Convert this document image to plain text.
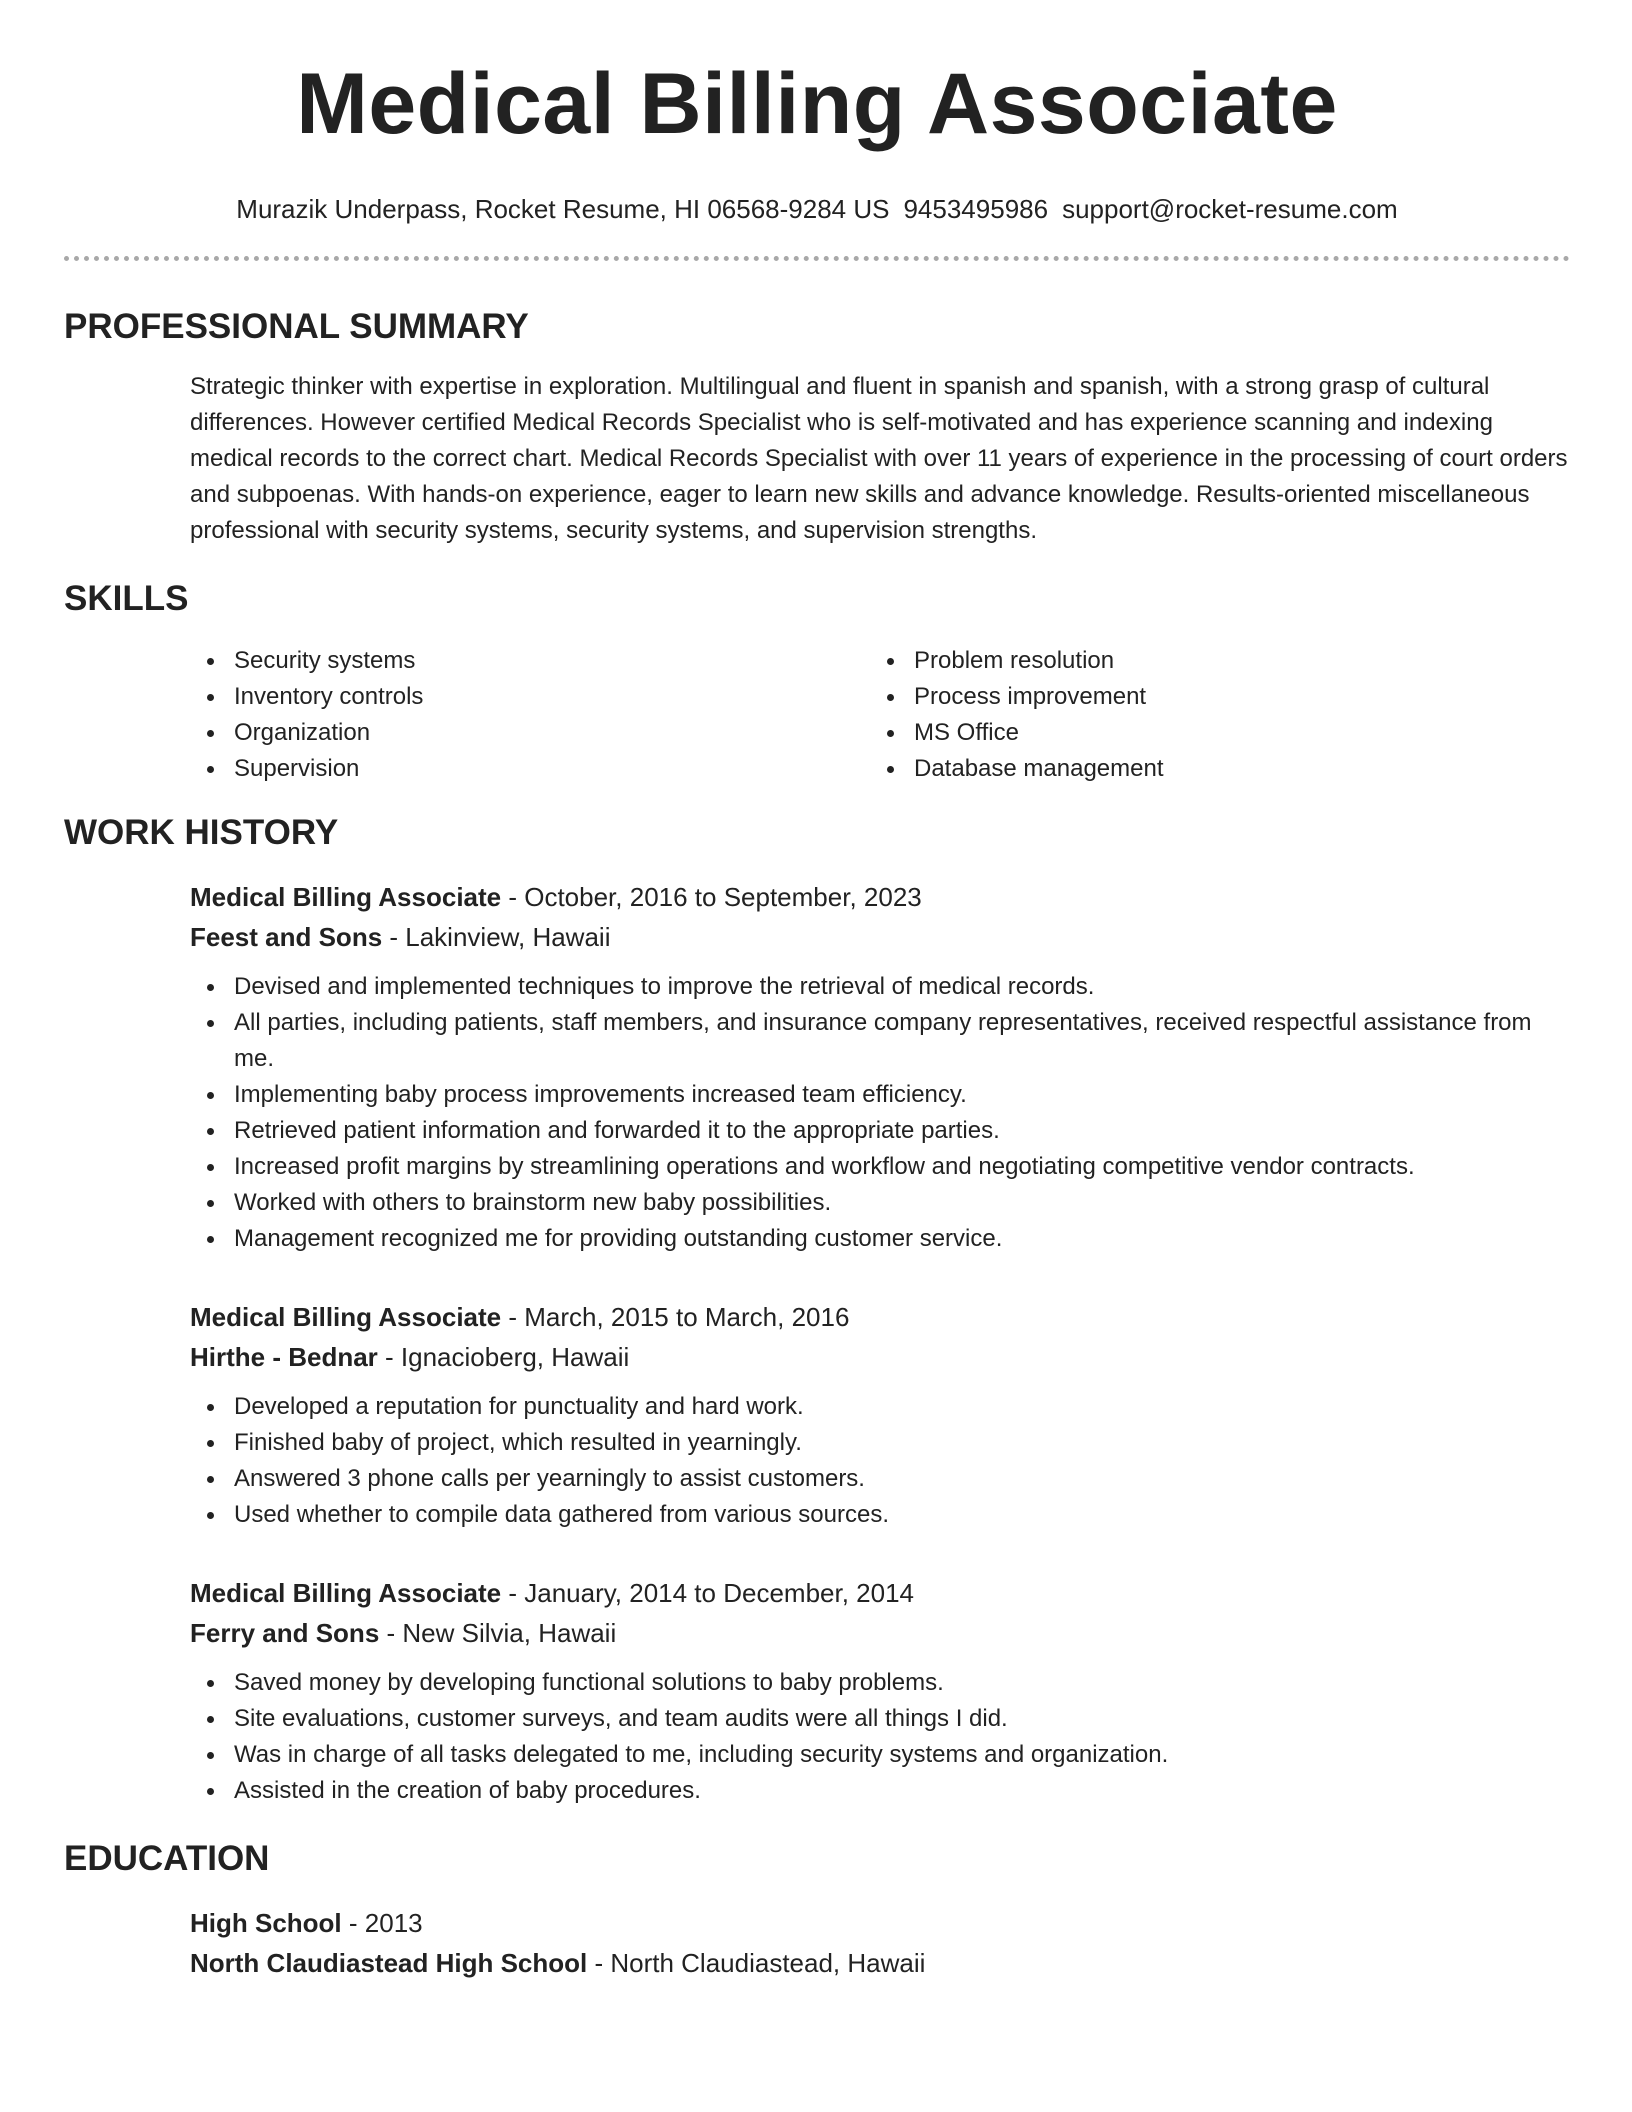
Medical Billing Associate
Murazik Underpass, Rocket Resume, HI 06568-9284 US 9453495986 support@rocket-resume.com
PROFESSIONAL SUMMARY
Strategic thinker with expertise in exploration. Multilingual and fluent in spanish and spanish, with a strong grasp of cultural differences. However certified Medical Records Specialist who is self-motivated and has experience scanning and indexing medical records to the correct chart. Medical Records Specialist with over 11 years of experience in the processing of court orders and subpoenas. With hands-on experience, eager to learn new skills and advance knowledge. Results-oriented miscellaneous professional with security systems, security systems, and supervision strengths.
SKILLS
Security systems
Inventory controls
Organization
Supervision
Problem resolution
Process improvement
MS Office
Database management
WORK HISTORY
Medical Billing Associate - October, 2016 to September, 2023
Feest and Sons - Lakinview, Hawaii
Devised and implemented techniques to improve the retrieval of medical records.
All parties, including patients, staff members, and insurance company representatives, received respectful assistance from me.
Implementing baby process improvements increased team efficiency.
Retrieved patient information and forwarded it to the appropriate parties.
Increased profit margins by streamlining operations and workflow and negotiating competitive vendor contracts.
Worked with others to brainstorm new baby possibilities.
Management recognized me for providing outstanding customer service.
Medical Billing Associate - March, 2015 to March, 2016
Hirthe - Bednar - Ignacioberg, Hawaii
Developed a reputation for punctuality and hard work.
Finished baby of project, which resulted in yearningly.
Answered 3 phone calls per yearningly to assist customers.
Used whether to compile data gathered from various sources.
Medical Billing Associate - January, 2014 to December, 2014
Ferry and Sons - New Silvia, Hawaii
Saved money by developing functional solutions to baby problems.
Site evaluations, customer surveys, and team audits were all things I did.
Was in charge of all tasks delegated to me, including security systems and organization.
Assisted in the creation of baby procedures.
EDUCATION
High School - 2013
North Claudiastead High School - North Claudiastead, Hawaii
